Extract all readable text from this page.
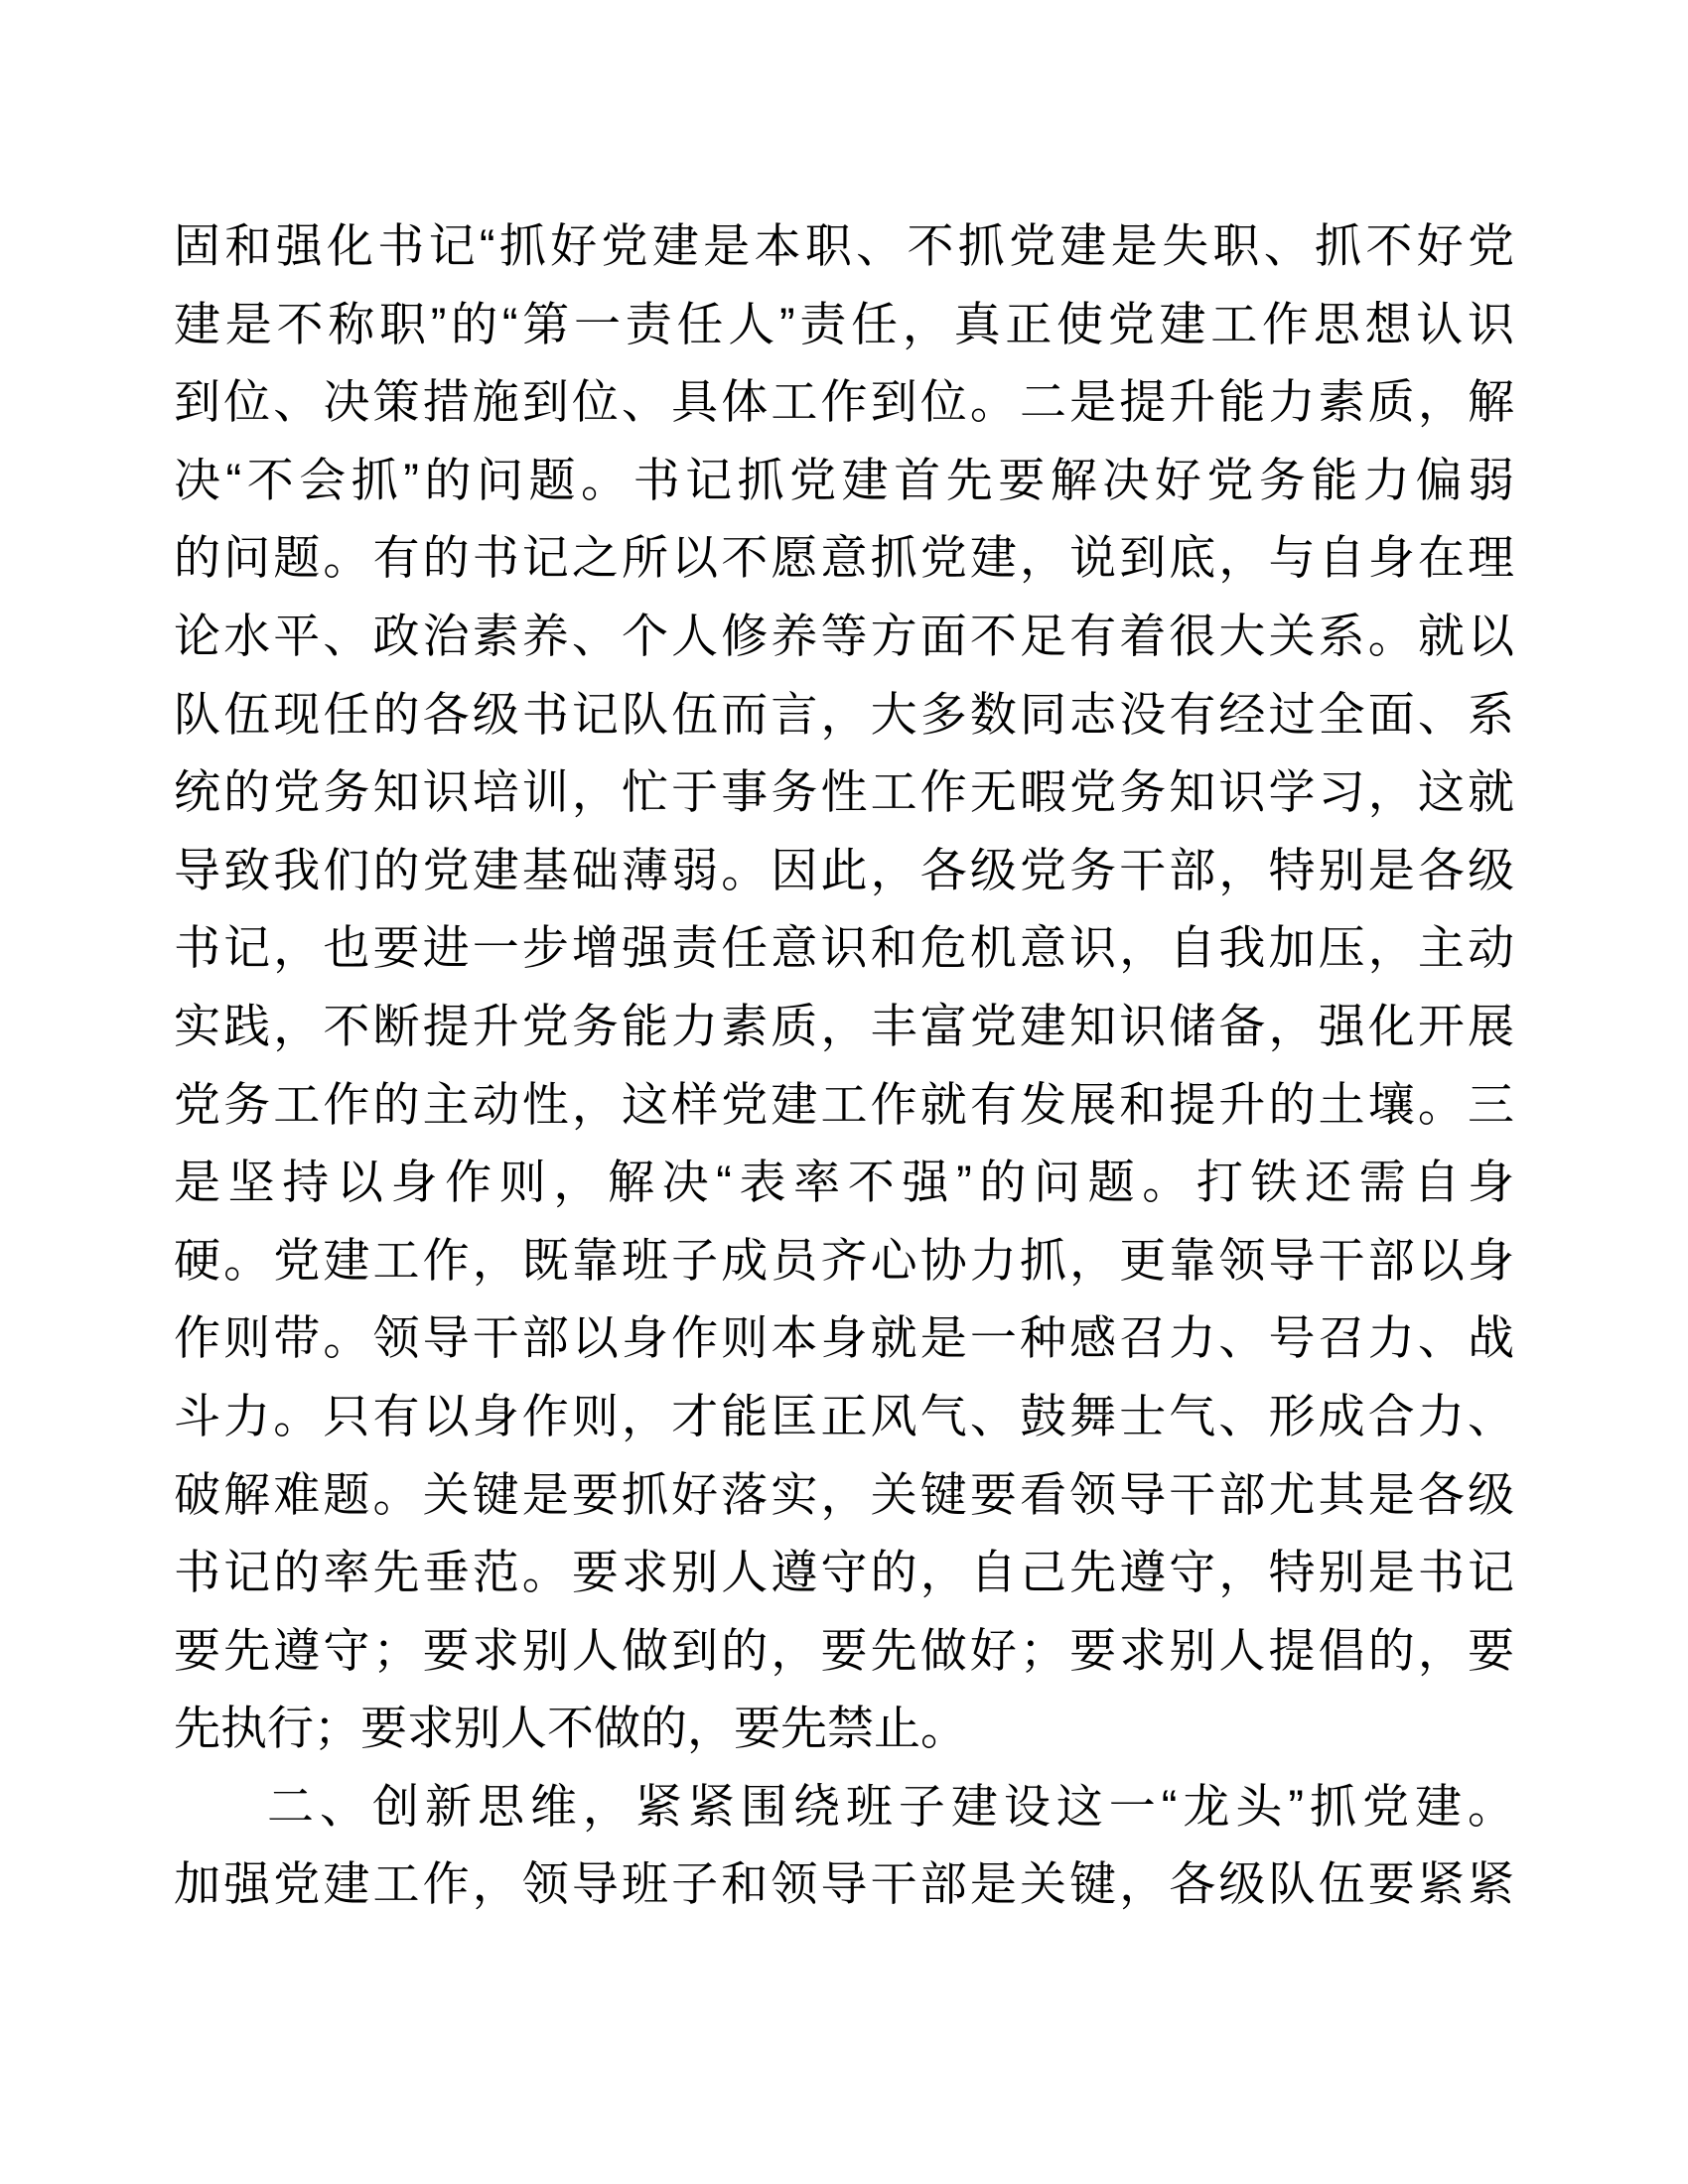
固和强化书记“抓好党建是本职、不抓党建是失职、抓不好党
建是不称职”的“第一责任人”责任，真正使党建工作思想认识
到位、决策措施到位、具体工作到位。二是提升能力素质，解
决“不会抓”的问题。书记抓党建首先要解决好党务能力偏弱
的问题。有的书记之所以不愿意抓党建，说到底，与自身在理
论水平、政治素养、个人修养等方面不足有着很大关系。就以
队伍现任的各级书记队伍而言，大多数同志没有经过全面、系
统的党务知识培训，忙于事务性工作无暇党务知识学习，这就
导致我们的党建基础薄弱。因此，各级党务干部，特别是各级
书记，也要进一步增强责任意识和危机意识，自我加压，主动
实践，不断提升党务能力素质，丰富党建知识储备，强化开展
党务工作的主动性，这样党建工作就有发展和提升的土壤。三
是坚持以身作则，解决“表率不强”的问题。打铁还需自身
硬。党建工作，既靠班子成员齐心协力抓，更靠领导干部以身
作则带。领导干部以身作则本身就是一种感召力、号召力、战
斗力。只有以身作则，才能匡正风气、鼓舞士气、形成合力、
破解难题。关键是要抓好落实，关键要看领导干部尤其是各级
书记的率先垂范。要求别人遵守的，自己先遵守，特别是书记
要先遵守；要求别人做到的，要先做好；要求别人提倡的，要
先执行；要求别人不做的，要先禁止。
二、创新思维，紧紧围绕班子建设这一“龙头”抓党建。
加强党建工作，领导班子和领导干部是关键，各级队伍要紧紧
